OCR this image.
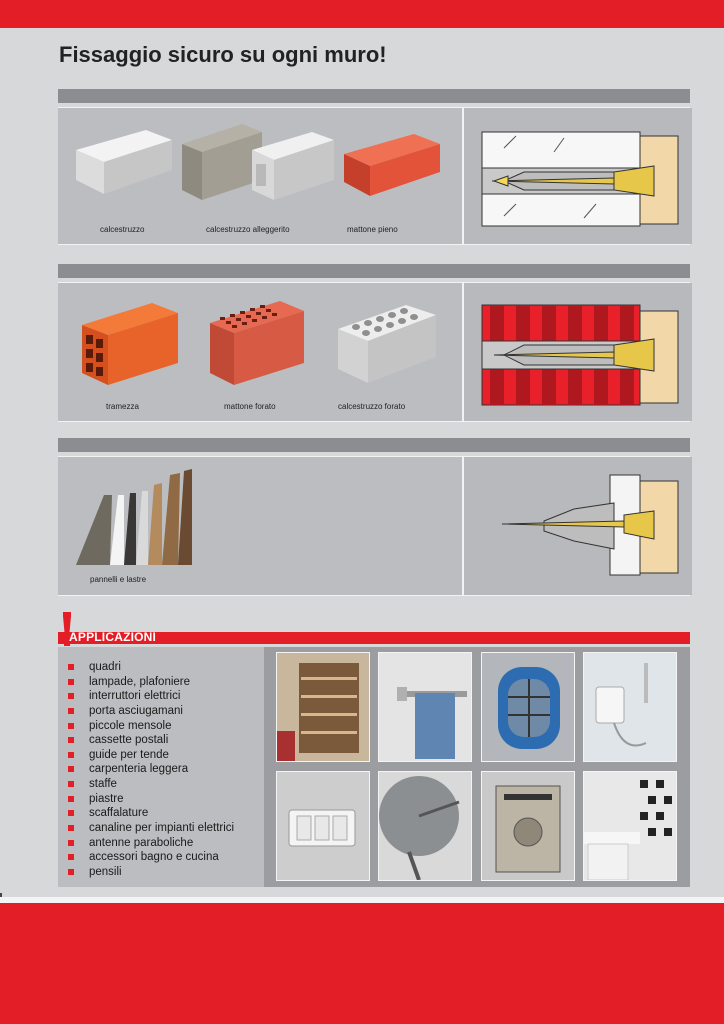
Fissaggio sicuro su ogni muro!
calcestruzzo	calcestruzzo alleggerito	mattone pieno
tramezza	mattone forato	calcestruzzo forato
pannelli e lastre
APPLICAZIONI
quadri
lampade, plafoniere
interruttori elettrici
porta asciugamani
piccole mensole
cassette postali
guide per tende
carpenteria leggera
staffe
piastre
scaffalature
canaline per impianti elettrici
antenne paraboliche
accessori bagno e cucina
pensili
